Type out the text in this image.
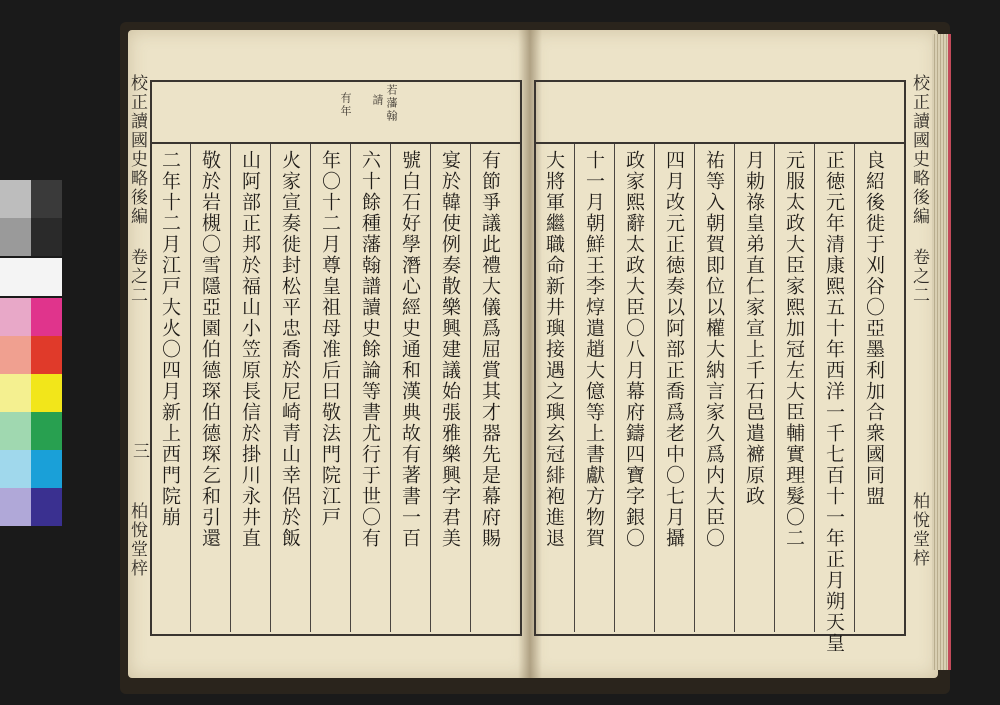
校正讀國史略後編 卷之二
三
柏悅堂梓
有年 請 若藩翰
有節爭議此禮大儀爲屈賞其才器先是幕府賜
宴於韓使例奏散樂興建議始張雅樂興字君美
號白石好學潛心經史通和漢典故有著書一百
六十餘種藩翰譜讀史餘論等書尤行于世〇有
年〇十二月尊皇祖母准后曰敬法門院江戸
火家宣奏徙封松平忠喬於尼崎青山幸侶於飯
山阿部正邦於福山小笠原長信於掛川永井直
敬於岩槻〇雪隱亞園伯德琛伯德琛乞和引還
二年十二月江戸大火〇四月新上西門院崩	校正讀國史略後編 卷之二
柏悅堂梓
良紹後徙于刈谷〇亞墨利加合衆國同盟
正徳元年清康熙五十年西洋一千七百十一年正月朔天皇
元服太政大臣家熙加冠左大臣輔實理髮〇二
月勅祿皇弟直仁家宣上千石邑遣褯原政
祐等入朝賀即位以權大納言家久爲内大臣〇
四月改元正徳奏以阿部正喬爲老中〇七月攝
政家熙辭太政大臣〇八月幕府鑄四寶字銀〇
十一月朝鮮王李焞遣趙大億等上書獻方物賀
大將軍繼職命新井璵接遇之璵玄冠緋袍進退
